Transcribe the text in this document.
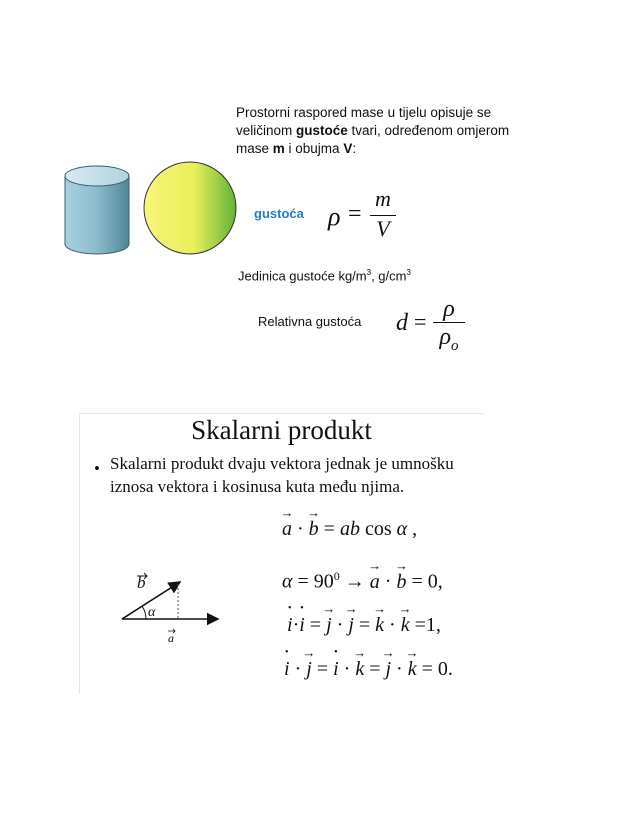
Prostorni raspored mase u tijelu opisuje se veličinom gustoće tvari, određenom omjerom mase m i obujma V:
gustoća ρ =
m
V
Jedinica gustoće $kg/m^3$, $g/cm^3$
Relativna gustoća d = ρ
$\rho_o$
Skalarni produkt
• Skalarni produkt dvaju vektora jednak je umnošku iznosa vektora i kosinusa kuta među njima.
→ a · → b = ab cos α ,
$\alpha = 90^0$ → → a · → b = 0,
• i·• i = → j · → j = → k · → k =1,
• i · → j = • i · → k = → j · → k = 0.
α
b
a
